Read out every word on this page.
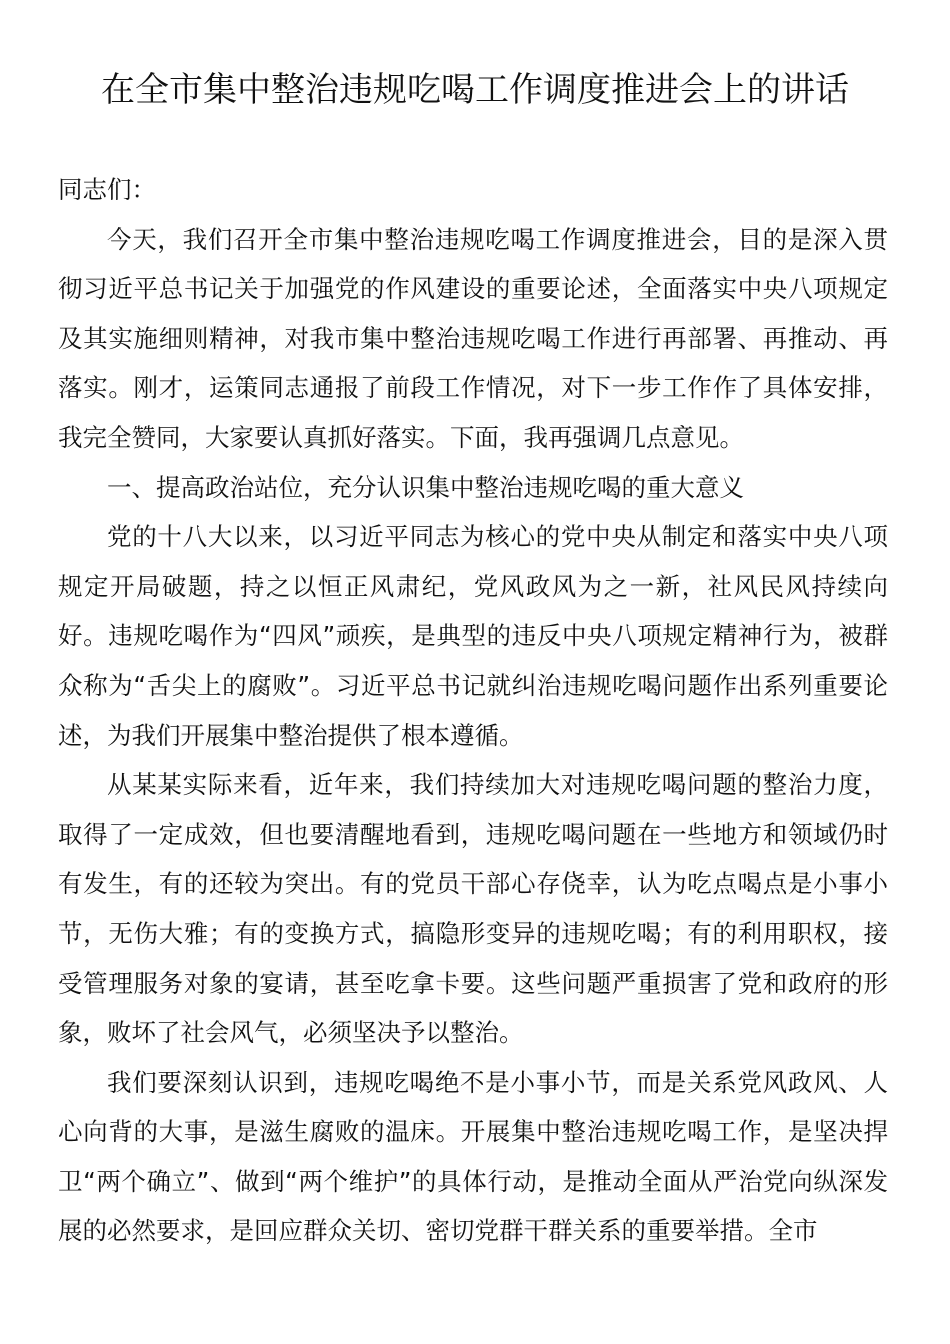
在全市集中整治违规吃喝工作调度推进会上的讲话

同志们：

今天，我们召开全市集中整治违规吃喝工作调度推进会，目的是深入贯彻习近平总书记关于加强党的作风建设的重要论述，全面落实中央八项规定及其实施细则精神，对我市集中整治违规吃喝工作进行再部署、再推动、再落实。刚才，运策同志通报了前段工作情况，对下一步工作作了具体安排，我完全赞同，大家要认真抓好落实。下面，我再强调几点意见。

一、提高政治站位，充分认识集中整治违规吃喝的重大意义

党的十八大以来，以习近平同志为核心的党中央从制定和落实中央八项规定开局破题，持之以恒正风肃纪，党风政风为之一新，社风民风持续向好。违规吃喝作为“四风”顽疾，是典型的违反中央八项规定精神行为，被群众称为“舌尖上的腐败”。习近平总书记就纠治违规吃喝问题作出系列重要论述，为我们开展集中整治提供了根本遵循。

从某某实际来看，近年来，我们持续加大对违规吃喝问题的整治力度，取得了一定成效，但也要清醒地看到，违规吃喝问题在一些地方和领域仍时有发生，有的还较为突出。有的党员干部心存侥幸，认为吃点喝点是小事小节，无伤大雅；有的变换方式，搞隐形变异的违规吃喝；有的利用职权，接受管理服务对象的宴请，甚至吃拿卡要。这些问题严重损害了党和政府的形象，败坏了社会风气，必须坚决予以整治。

我们要深刻认识到，违规吃喝绝不是小事小节，而是关系党风政风、人心向背的大事，是滋生腐败的温床。开展集中整治违规吃喝工作，是坚决捍卫“两个确立”、做到“两个维护”的具体行动，是推动全面从严治党向纵深发展的必然要求，是回应群众关切、密切党群干群关系的重要举措。全市
